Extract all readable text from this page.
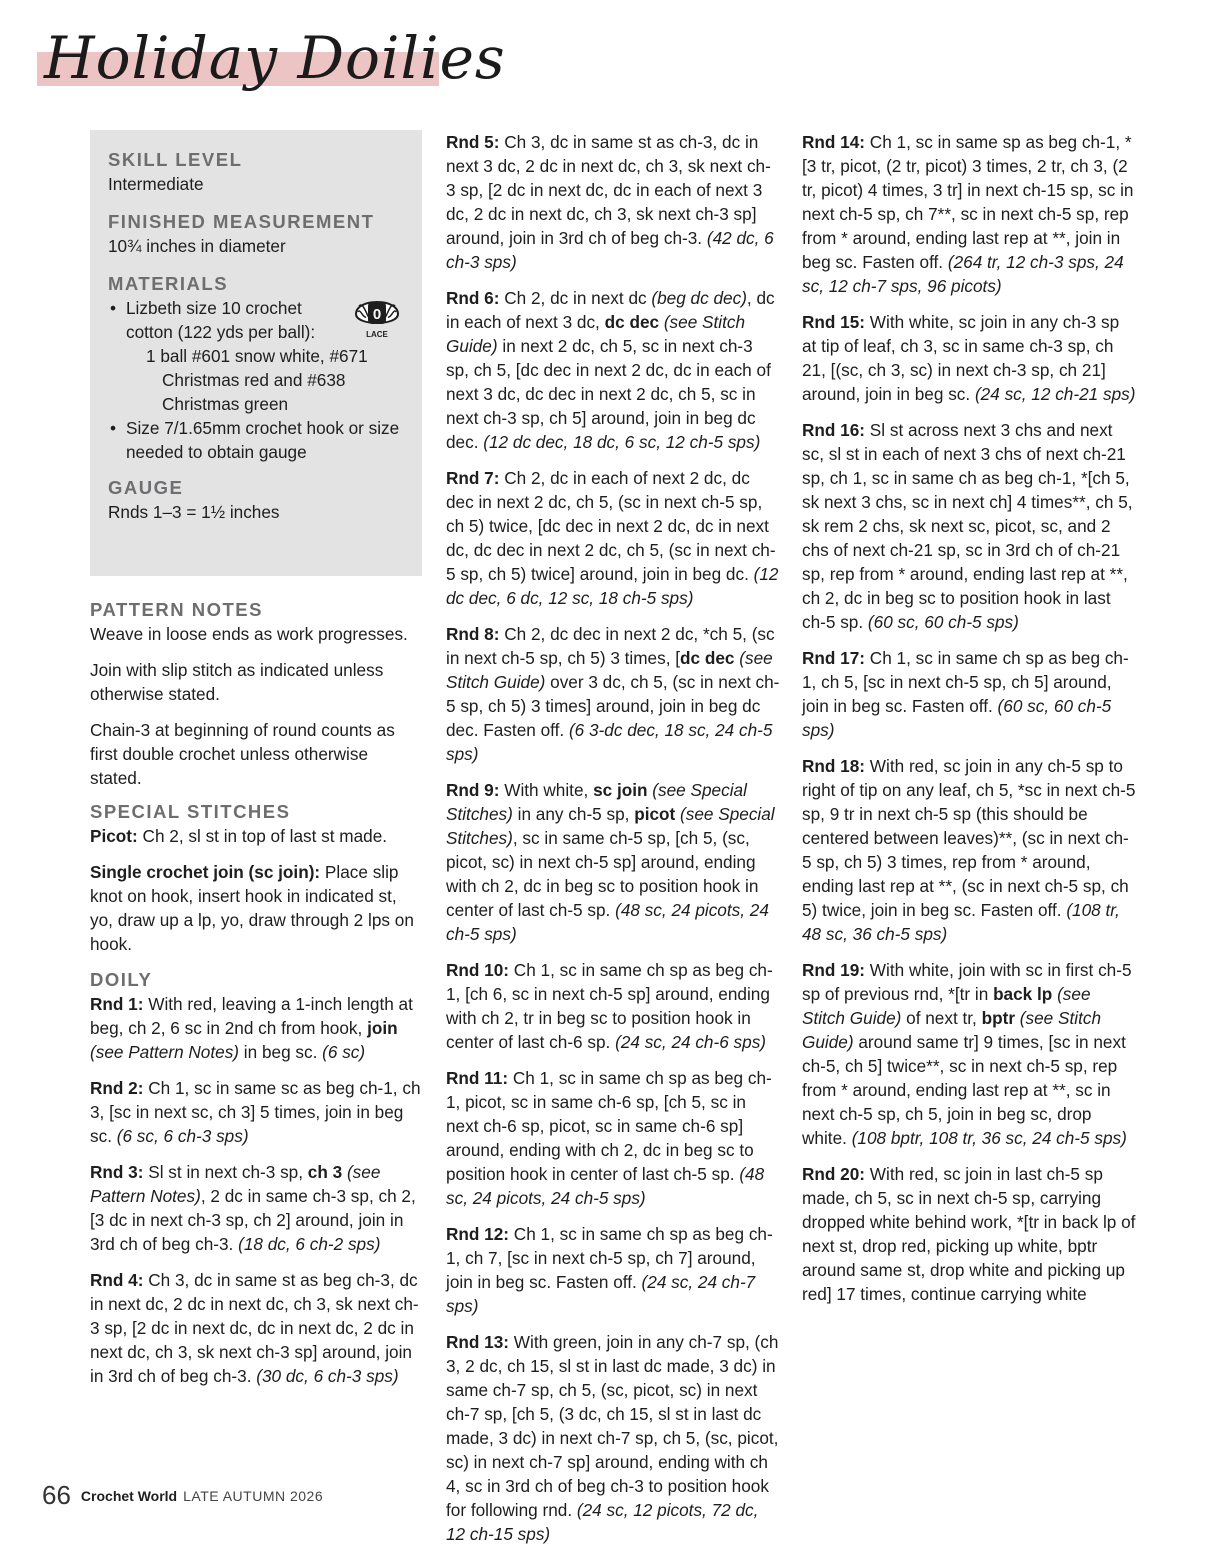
Holiday Doilies
SKILL LEVEL
Intermediate
FINISHED MEASUREMENT
10¾ inches in diameter
MATERIALS
• Lizbeth size 10 crochet
cotton (122 yds per ball):
1 ball #601 snow white, #671
Christmas red and #638
Christmas green
• Size 7/1.65mm crochet hook or size
needed to obtain gauge
GAUGE
Rnds 1–3 = 1½ inches
0
LACE
PATTERN NOTES

Weave in loose ends as work progresses.

Join with slip stitch as indicated unless otherwise stated.

Chain-3 at beginning of round counts as first double crochet unless otherwise stated.

SPECIAL STITCHES

Picot: Ch 2, sl st in top of last st made.

Single crochet join (sc join): Place slip knot on hook, insert hook in indicated st, yo, draw up a lp, yo, draw through 2 lps on hook.

DOILY

Rnd 1: With red, leaving a 1-inch length at beg, ch 2, 6 sc in 2nd ch from hook, join (see Pattern Notes) in beg sc. (6 sc)

Rnd 2: Ch 1, sc in same sc as beg ch-1, ch 3, [sc in next sc, ch 3] 5 times, join in beg sc. (6 sc, 6 ch-3 sps)

Rnd 3: Sl st in next ch-3 sp, ch 3 (see Pattern Notes), 2 dc in same ch-3 sp, ch 2, [3 dc in next ch-3 sp, ch 2] around, join in 3rd ch of beg ch-3. (18 dc, 6 ch-2 sps)

Rnd 4: Ch 3, dc in same st as beg ch-3, dc in next dc, 2 dc in next dc, ch 3, sk next ch-3 sp, [2 dc in next dc, dc in next dc, 2 dc in next dc, ch 3, sk next ch-3 sp] around, join in 3rd ch of beg ch-3. (30 dc, 6 ch-3 sps)

Rnd 5: Ch 3, dc in same st as ch-3, dc in next 3 dc, 2 dc in next dc, ch 3, sk next ch-3 sp, [2 dc in next dc, dc in each of next 3 dc, 2 dc in next dc, ch 3, sk next ch-3 sp] around, join in 3rd ch of beg ch-3. (42 dc, 6 ch-3 sps)

Rnd 6: Ch 2, dc in next dc (beg dc dec), dc in each of next 3 dc, dc dec (see Stitch Guide) in next 2 dc, ch 5, sc in next ch-3 sp, ch 5, [dc dec in next 2 dc, dc in each of next 3 dc, dc dec in next 2 dc, ch 5, sc in next ch-3 sp, ch 5] around, join in beg dc dec. (12 dc dec, 18 dc, 6 sc, 12 ch-5 sps)

Rnd 7: Ch 2, dc in each of next 2 dc, dc dec in next 2 dc, ch 5, (sc in next ch-5 sp, ch 5) twice, [dc dec in next 2 dc, dc in next dc, dc dec in next 2 dc, ch 5, (sc in next ch-5 sp, ch 5) twice] around, join in beg dc. (12 dc dec, 6 dc, 12 sc, 18 ch-5 sps)

Rnd 8: Ch 2, dc dec in next 2 dc, *ch 5, (sc in next ch-5 sp, ch 5) 3 times, [dc dec (see Stitch Guide) over 3 dc, ch 5, (sc in next ch-5 sp, ch 5) 3 times] around, join in beg dc dec. Fasten off. (6 3-dc dec, 18 sc, 24 ch-5 sps)

Rnd 9: With white, sc join (see Special Stitches) in any ch-5 sp, picot (see Special Stitches), sc in same ch-5 sp, [ch 5, (sc, picot, sc) in next ch-5 sp] around, ending with ch 2, dc in beg sc to position hook in center of last ch-5 sp. (48 sc, 24 picots, 24 ch-5 sps)

Rnd 10: Ch 1, sc in same ch sp as beg ch-1, [ch 6, sc in next ch-5 sp] around, ending with ch 2, tr in beg sc to position hook in center of last ch-6 sp. (24 sc, 24 ch-6 sps)

Rnd 11: Ch 1, sc in same ch sp as beg ch-1, picot, sc in same ch-6 sp, [ch 5, sc in next ch-6 sp, picot, sc in same ch-6 sp] around, ending with ch 2, dc in beg sc to position hook in center of last ch-5 sp. (48 sc, 24 picots, 24 ch-5 sps)

Rnd 12: Ch 1, sc in same ch sp as beg ch-1, ch 7, [sc in next ch-5 sp, ch 7] around, join in beg sc. Fasten off. (24 sc, 24 ch-7 sps)

Rnd 13: With green, join in any ch-7 sp, (ch 3, 2 dc, ch 15, sl st in last dc made, 3 dc) in same ch-7 sp, ch 5, (sc, picot, sc) in next ch-7 sp, [ch 5, (3 dc, ch 15, sl st in last dc made, 3 dc) in next ch-7 sp, ch 5, (sc, picot, sc) in next ch-7 sp] around, ending with ch 4, sc in 3rd ch of beg ch-3 to position hook for following rnd. (24 sc, 12 picots, 72 dc, 12 ch-15 sps)

Rnd 14: Ch 1, sc in same sp as beg ch-1, *[3 tr, picot, (2 tr, picot) 3 times, 2 tr, ch 3, (2 tr, picot) 4 times, 3 tr] in next ch-15 sp, sc in next ch-5 sp, ch 7**, sc in next ch-5 sp, rep from * around, ending last rep at **, join in beg sc. Fasten off. (264 tr, 12 ch-3 sps, 24 sc, 12 ch-7 sps, 96 picots)

Rnd 15: With white, sc join in any ch-3 sp at tip of leaf, ch 3, sc in same ch-3 sp, ch 21, [(sc, ch 3, sc) in next ch-3 sp, ch 21] around, join in beg sc. (24 sc, 12 ch-21 sps)

Rnd 16: Sl st across next 3 chs and next sc, sl st in each of next 3 chs of next ch-21 sp, ch 1, sc in same ch as beg ch-1, *[ch 5, sk next 3 chs, sc in next ch] 4 times**, ch 5, sk rem 2 chs, sk next sc, picot, sc, and 2 chs of next ch-21 sp, sc in 3rd ch of ch-21 sp, rep from * around, ending last rep at **, ch 2, dc in beg sc to position hook in last ch-5 sp. (60 sc, 60 ch-5 sps)

Rnd 17: Ch 1, sc in same ch sp as beg ch-1, ch 5, [sc in next ch-5 sp, ch 5] around, join in beg sc. Fasten off. (60 sc, 60 ch-5 sps)

Rnd 18: With red, sc join in any ch-5 sp to right of tip on any leaf, ch 5, *sc in next ch-5 sp, 9 tr in next ch-5 sp (this should be centered between leaves)**, (sc in next ch-5 sp, ch 5) 3 times, rep from * around, ending last rep at **, (sc in next ch-5 sp, ch 5) twice, join in beg sc. Fasten off. (108 tr, 48 sc, 36 ch-5 sps)

Rnd 19: With white, join with sc in first ch-5 sp of previous rnd, *[tr in back lp (see Stitch Guide) of next tr, bptr (see Stitch Guide) around same tr] 9 times, [sc in next ch-5, ch 5] twice**, sc in next ch-5 sp, rep from * around, ending last rep at **, sc in next ch-5 sp, ch 5, join in beg sc, drop white. (108 bptr, 108 tr, 36 sc, 24 ch-5 sps)

Rnd 20: With red, sc join in last ch-5 sp made, ch 5, sc in next ch-5 sp, carrying dropped white behind work, *[tr in back lp of next st, drop red, picking up white, bptr around same st, drop white and picking up red] 17 times, continue carrying white

66 Crochet World LATE AUTUMN 2026
